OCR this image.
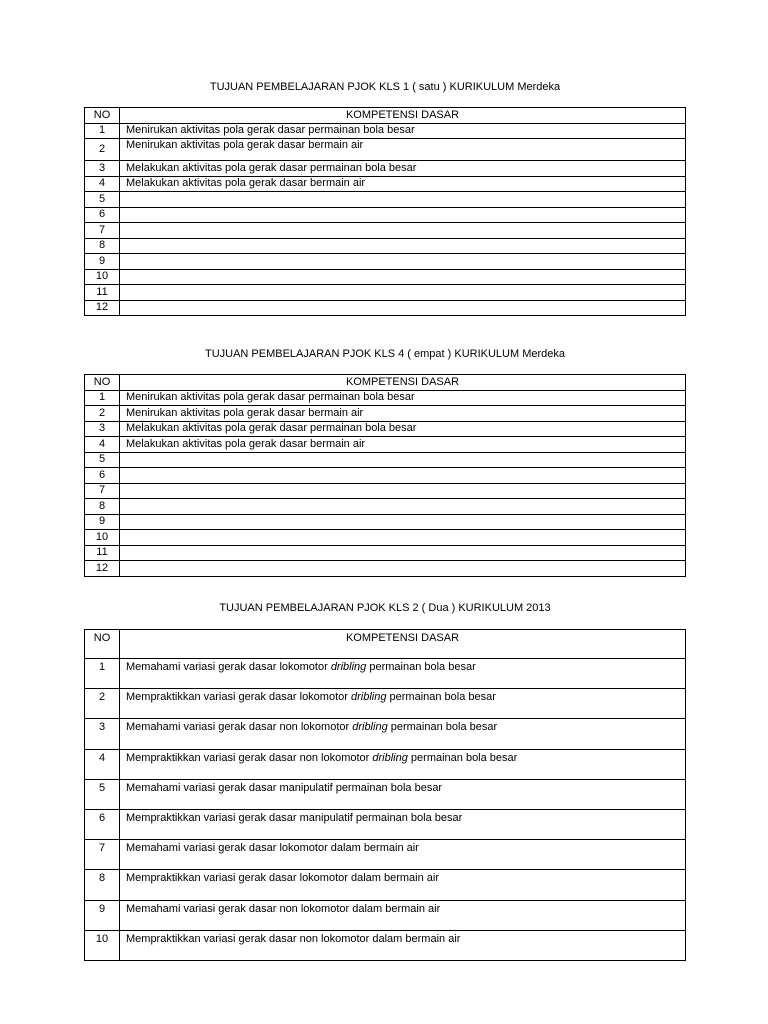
TUJUAN PEMBELAJARAN PJOK KLS 1 ( satu ) KURIKULUM Merdeka
NO	KOMPETENSI DASAR
1	Menirukan aktivitas pola gerak dasar permainan bola besar
2	Menirukan aktivitas pola gerak dasar bermain air
3	Melakukan aktivitas pola gerak dasar permainan bola besar
4	Melakukan aktivitas pola gerak dasar bermain air
5	
6	
7	
8	
9	
10	
11	
12	
TUJUAN PEMBELAJARAN PJOK KLS 4 ( empat ) KURIKULUM Merdeka
NO	KOMPETENSI DASAR
1	Menirukan aktivitas pola gerak dasar permainan bola besar
2	Menirukan aktivitas pola gerak dasar bermain air
3	Melakukan aktivitas pola gerak dasar permainan bola besar
4	Melakukan aktivitas pola gerak dasar bermain air
5	
6	
7	
8	
9	
10	
11	
12	
TUJUAN PEMBELAJARAN PJOK KLS 2 ( Dua ) KURIKULUM 2013
NO	KOMPETENSI DASAR
1	Memahami variasi gerak dasar lokomotor dribling permainan bola besar
2	Mempraktikkan variasi gerak dasar lokomotor dribling permainan bola besar
3	Memahami variasi gerak dasar non lokomotor dribling permainan bola besar
4	Mempraktikkan variasi gerak dasar non lokomotor dribling permainan bola besar
5	Memahami variasi gerak dasar manipulatif permainan bola besar
6	Mempraktikkan variasi gerak dasar manipulatif permainan bola besar
7	Memahami variasi gerak dasar lokomotor dalam bermain air
8	Mempraktikkan variasi gerak dasar lokomotor dalam bermain air
9	Memahami variasi gerak dasar non lokomotor dalam bermain air
10	Mempraktikkan variasi gerak dasar non lokomotor dalam bermain air
